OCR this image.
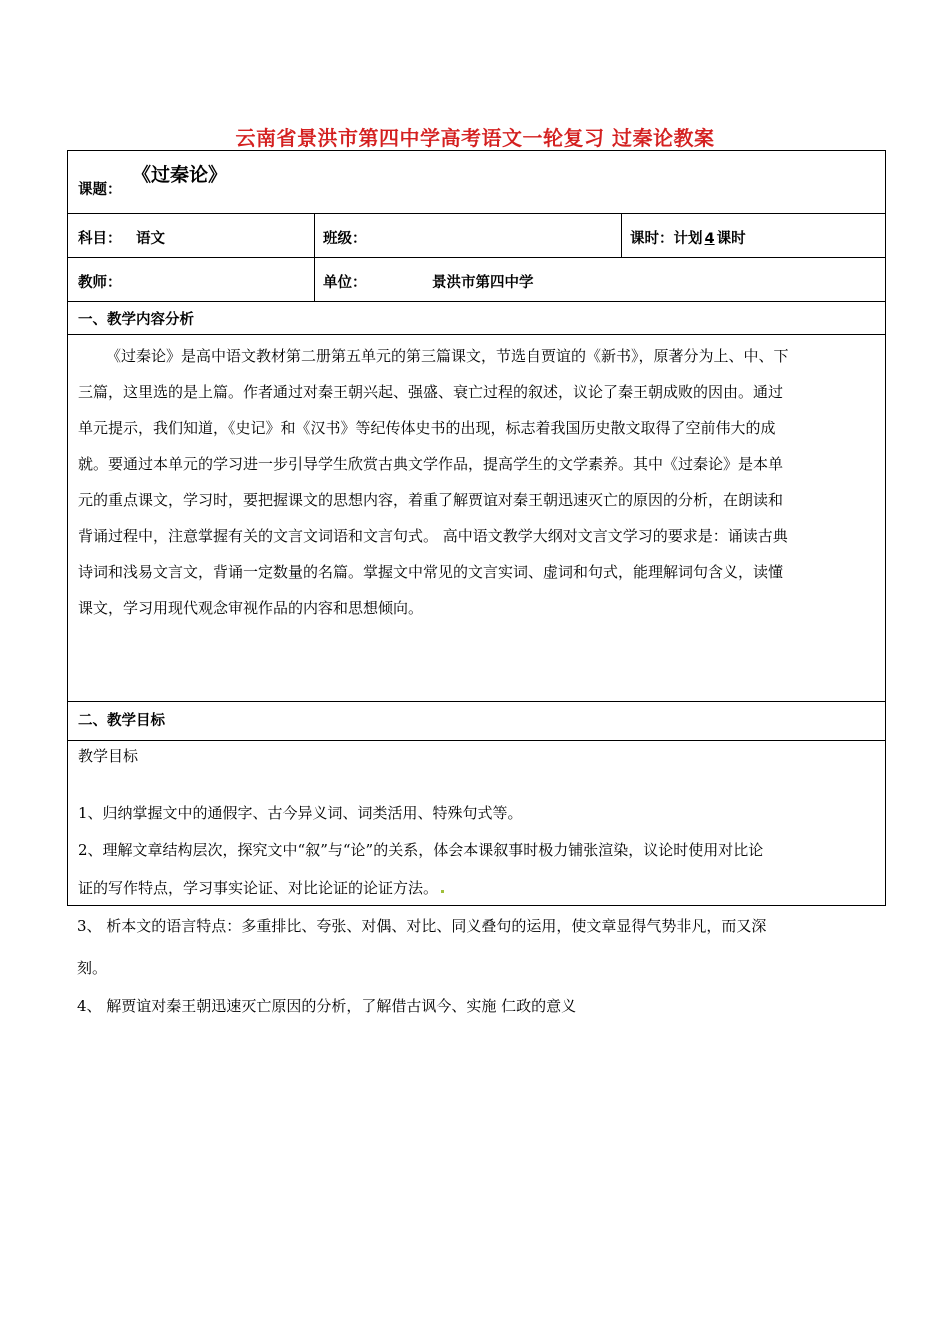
云南省景洪市第四中学高考语文一轮复习 过秦论教案
课题：
《过秦论》
科目： 语文	班级：	课时：计划 4 课时
教师：	单位：	景洪市第四中学
一、教学内容分析
《过秦论》是高中语文教材第二册第五单元的第三篇课文，节选自贾谊的《新书》，原著分为上、中、下
三篇，这里选的是上篇。作者通过对秦王朝兴起、强盛、衰亡过程的叙述，议论了秦王朝成败的因由。通过
单元提示，我们知道，《史记》和《汉书》等纪传体史书的出现，标志着我国历史散文取得了空前伟大的成
就。要通过本单元的学习进一步引导学生欣赏古典文学作品，提高学生的文学素养。其中《过秦论》是本单
元的重点课文，学习时，要把握课文的思想内容，着重了解贾谊对秦王朝迅速灭亡的原因的分析，在朗读和
背诵过程中，注意掌握有关的文言文词语和文言句式。 高中语文教学大纲对文言文学习的要求是：诵读古典
诗词和浅易文言文，背诵一定数量的名篇。掌握文中常见的文言实词、虚词和句式，能理解词句含义，读懂
课文，学习用现代观念审视作品的内容和思想倾向。
二、教学目标
教学目标
1、归纳掌握文中的通假字、古今异义词、词类活用、特殊句式等。
2、理解文章结构层次，探究文中“叙”与“论”的关系，体会本课叙事时极力铺张渲染，议论时使用对比论
证的写作特点，学习事实论证、对比论证的论证方法。
3、 析本文的语言特点：多重排比、夸张、对偶、对比、同义叠句的运用，使文章显得气势非凡，而又深
刻。
4、 解贾谊对秦王朝迅速灭亡原因的分析，了解借古讽今、实施 仁政的意义
